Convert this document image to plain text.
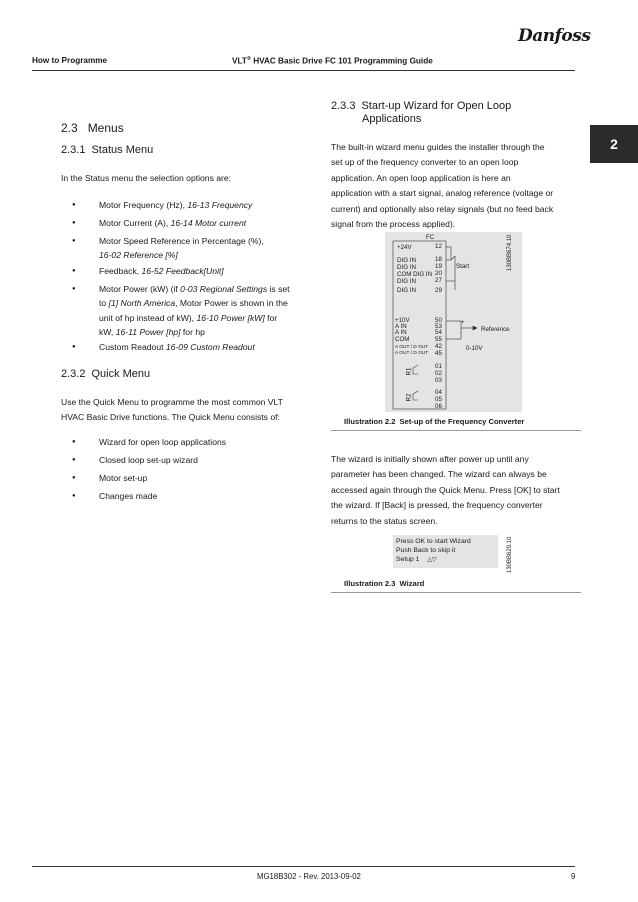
How to Programme	VLT® HVAC Basic Drive FC 101 Programming Guide
Danfoss
2
2.3 Menus
2.3.1 Status Menu
In the Status menu the selection options are:
● Motor Frequency (Hz), 16-13 Frequency
● Motor Current (A), 16-14 Motor current
● Motor Speed Reference in Percentage (%),
16-02 Reference [%]
● Feedback, 16-52 Feedback[Unit]
● Motor Power (kW) (if 0-03 Regional Settings is set
to [1] North America, Motor Power is shown in the
unit of hp instead of kW), 16-10 Power [kW] for
kW, 16-11 Power [hp] for hp
● Custom Readout 16-09 Custom Readout
2.3.2 Quick Menu
Use the Quick Menu to programme the most common VLT
HVAC Basic Drive functions. The Quick Menu consists of:
● Wizard for open loop applications
● Closed loop set-up wizard
● Motor set-up
● Changes made
2.3.3 Start-up Wizard for Open Loop
Applications
The built-in wizard menu guides the installer through the
set up of the frequency converter to an open loop
application. An open loop application is here an
application with a start signal, analog reference (voltage or
current) and optionally also relay signals (but no feed back
signal from the process applied).
FC
+24V
DIG IN
DIG IN
COM DIG IN
DIG IN
DIG IN
+10V
A IN
A IN
COM
A OUT / D OUT
A OUT / D OUT
12
18
19
20
27
29
50
53
54
55
42
45
01
02
03
04
05
06
Start
+
Reference
0-10V
R1
R2
130BB674.10
Illustration 2.2 Set-up of the Frequency Converter
The wizard is initially shown after power up until any
parameter has been changed. The wizard can always be
accessed again through the Quick Menu. Press [OK] to start
the wizard. If [Back] is pressed, the frequency converter
returns to the status screen.
Press OK to start Wizard
Push Back to skip it
Setup 1 △▽	130BB629.10
Illustration 2.3 Wizard
MG18B302 - Rev. 2013-09-02	9
